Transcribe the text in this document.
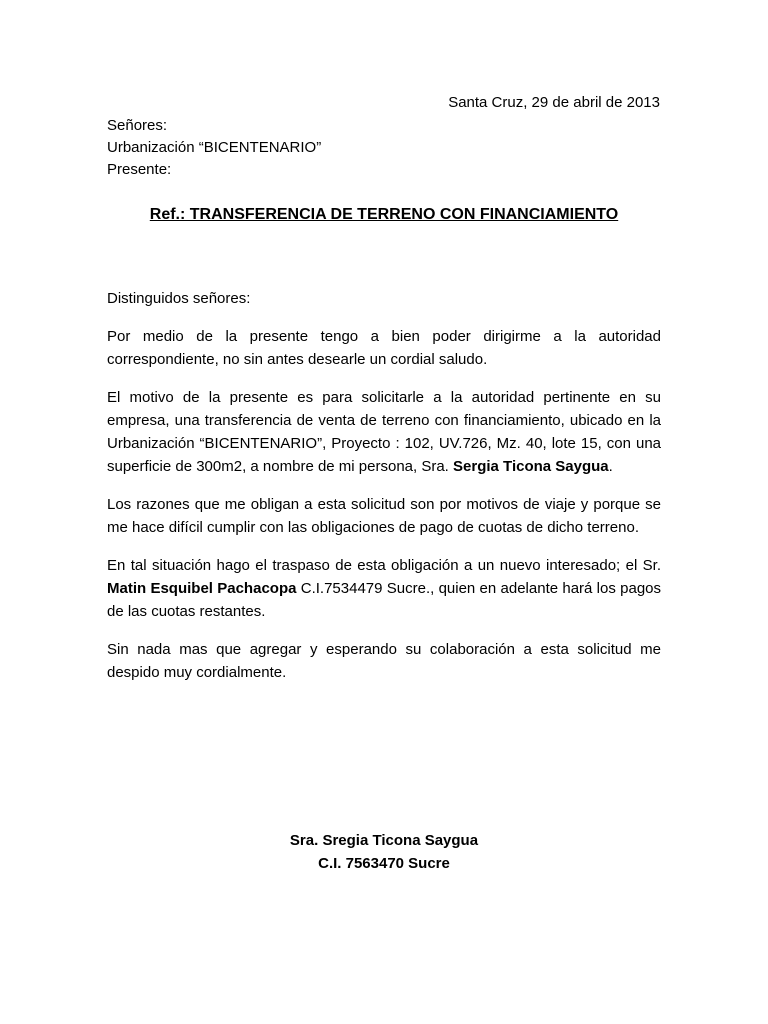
Santa Cruz, 29 de abril de 2013
Señores:
Urbanización “BICENTENARIO”
Presente:
Ref.: TRANSFERENCIA DE TERRENO CON FINANCIAMIENTO

Distinguidos señores:

Por medio de la presente tengo a bien poder dirigirme a la autoridad correspondiente, no sin antes desearle un cordial saludo.

El motivo de la presente es para solicitarle a la autoridad pertinente en su empresa, una transferencia de venta de terreno con financiamiento, ubicado en la Urbanización “BICENTENARIO”, Proyecto : 102, UV.726, Mz. 40, lote 15, con una superficie de 300m2, a nombre de mi persona, Sra. Sergia Ticona Saygua.

Los razones que me obligan a esta solicitud son por motivos de viaje y porque se me hace difícil cumplir con las obligaciones de pago de cuotas de dicho terreno.

En tal situación hago el traspaso de esta obligación a un nuevo interesado; el Sr. Matin Esquibel Pachacopa C.I.7534479 Sucre., quien en adelante hará los pagos de las cuotas restantes.

Sin nada mas que agregar y esperando su colaboración a esta solicitud me despido muy cordialmente.

Sra. Sregia Ticona Saygua
C.I. 7563470 Sucre
